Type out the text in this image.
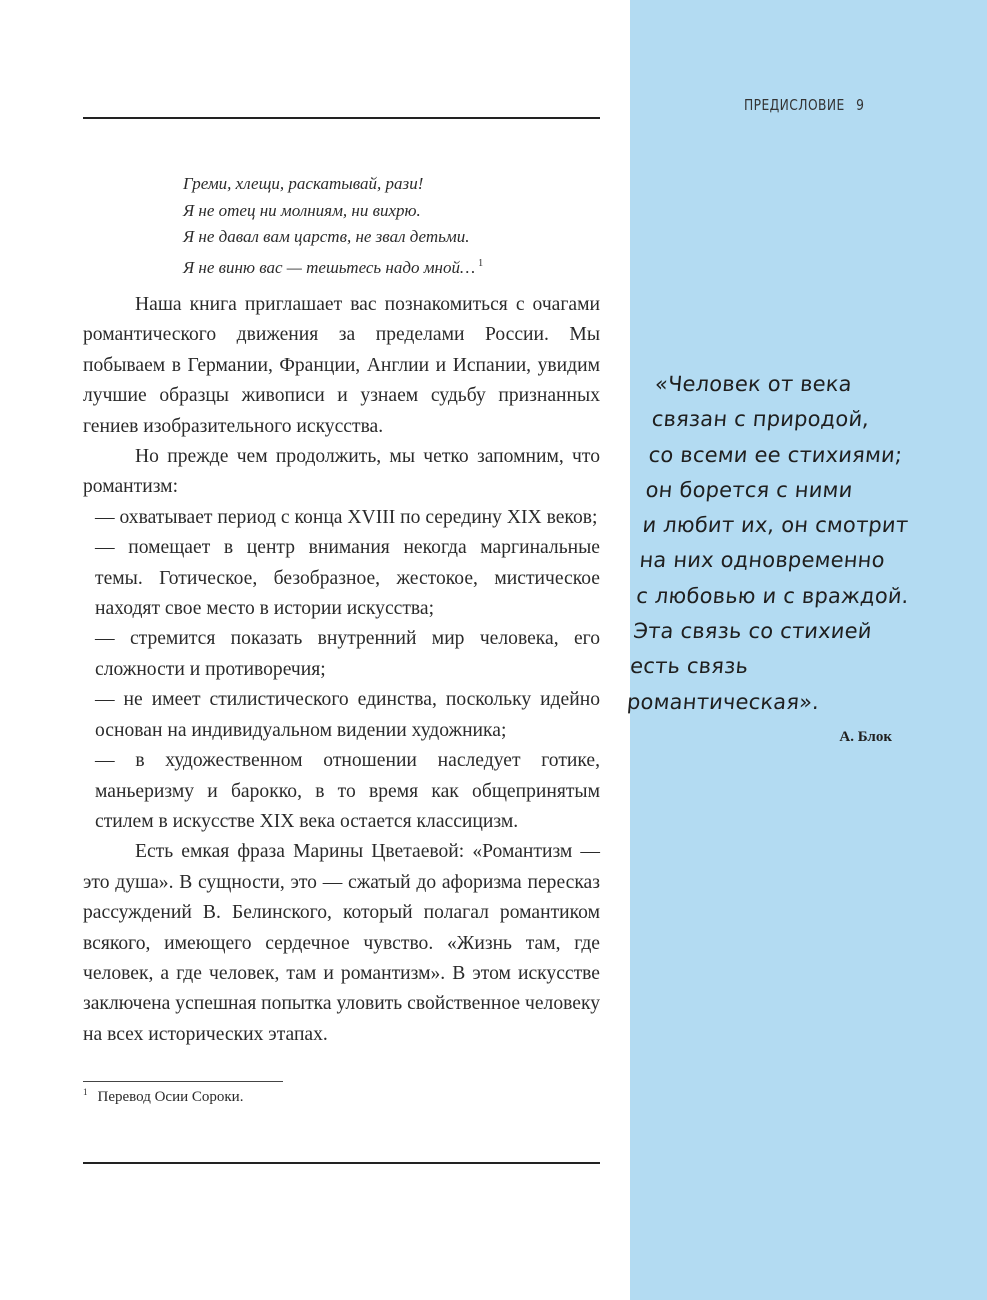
ПРЕДИСЛОВИЕ 9
Греми, хлещи, раскатывай, рази!
Я не отец ни молниям, ни вихрю.
Я не давал вам царств, не звал детьми.
Я не виню вас — тешьтесь надо мной… $^1$

Наша книга приглашает вас познакомиться с очагами романтического движения за пределами России. Мы побываем в Германии, Франции, Англии и Испании, увидим лучшие образцы живописи и узнаем судьбу признанных гениев изобразительного искусства.

Но прежде чем продолжить, мы четко запомним, что романтизм:

— охватывает период с конца XVIII по середину XIX веков;

— помещает в центр внимания некогда маргинальные темы. Готическое, безобразное, жестокое, мистическое находят свое место в истории искусства;

— стремится показать внутренний мир человека, его сложности и противоречия;

— не имеет стилистического единства, поскольку идейно основан на индивидуальном видении художника;

— в художественном отношении наследует готике, маньеризму и барокко, в то время как общепринятым стилем в искусстве XIX века остается классицизм.

Есть емкая фраза Марины Цветаевой: «Романтизм — это душа». В сущности, это — сжатый до афоризма пересказ рассуждений В. Белинского, который полагал романтиком всякого, имеющего сердечное чувство. «Жизнь там, где человек, а где человек, там и романтизм». В этом искусстве заключена успешная попытка уловить свойственное человеку на всех исторических этапах.

$^1$ Перевод Осии Сороки.
«Человек от века
связан с природой,
со всеми ее стихиями;
он борется с ними
и любит их, он смотрит
на них одновременно
с любовью и с враждой.
Эта связь со стихией
есть связь
романтическая».
А. Блок
